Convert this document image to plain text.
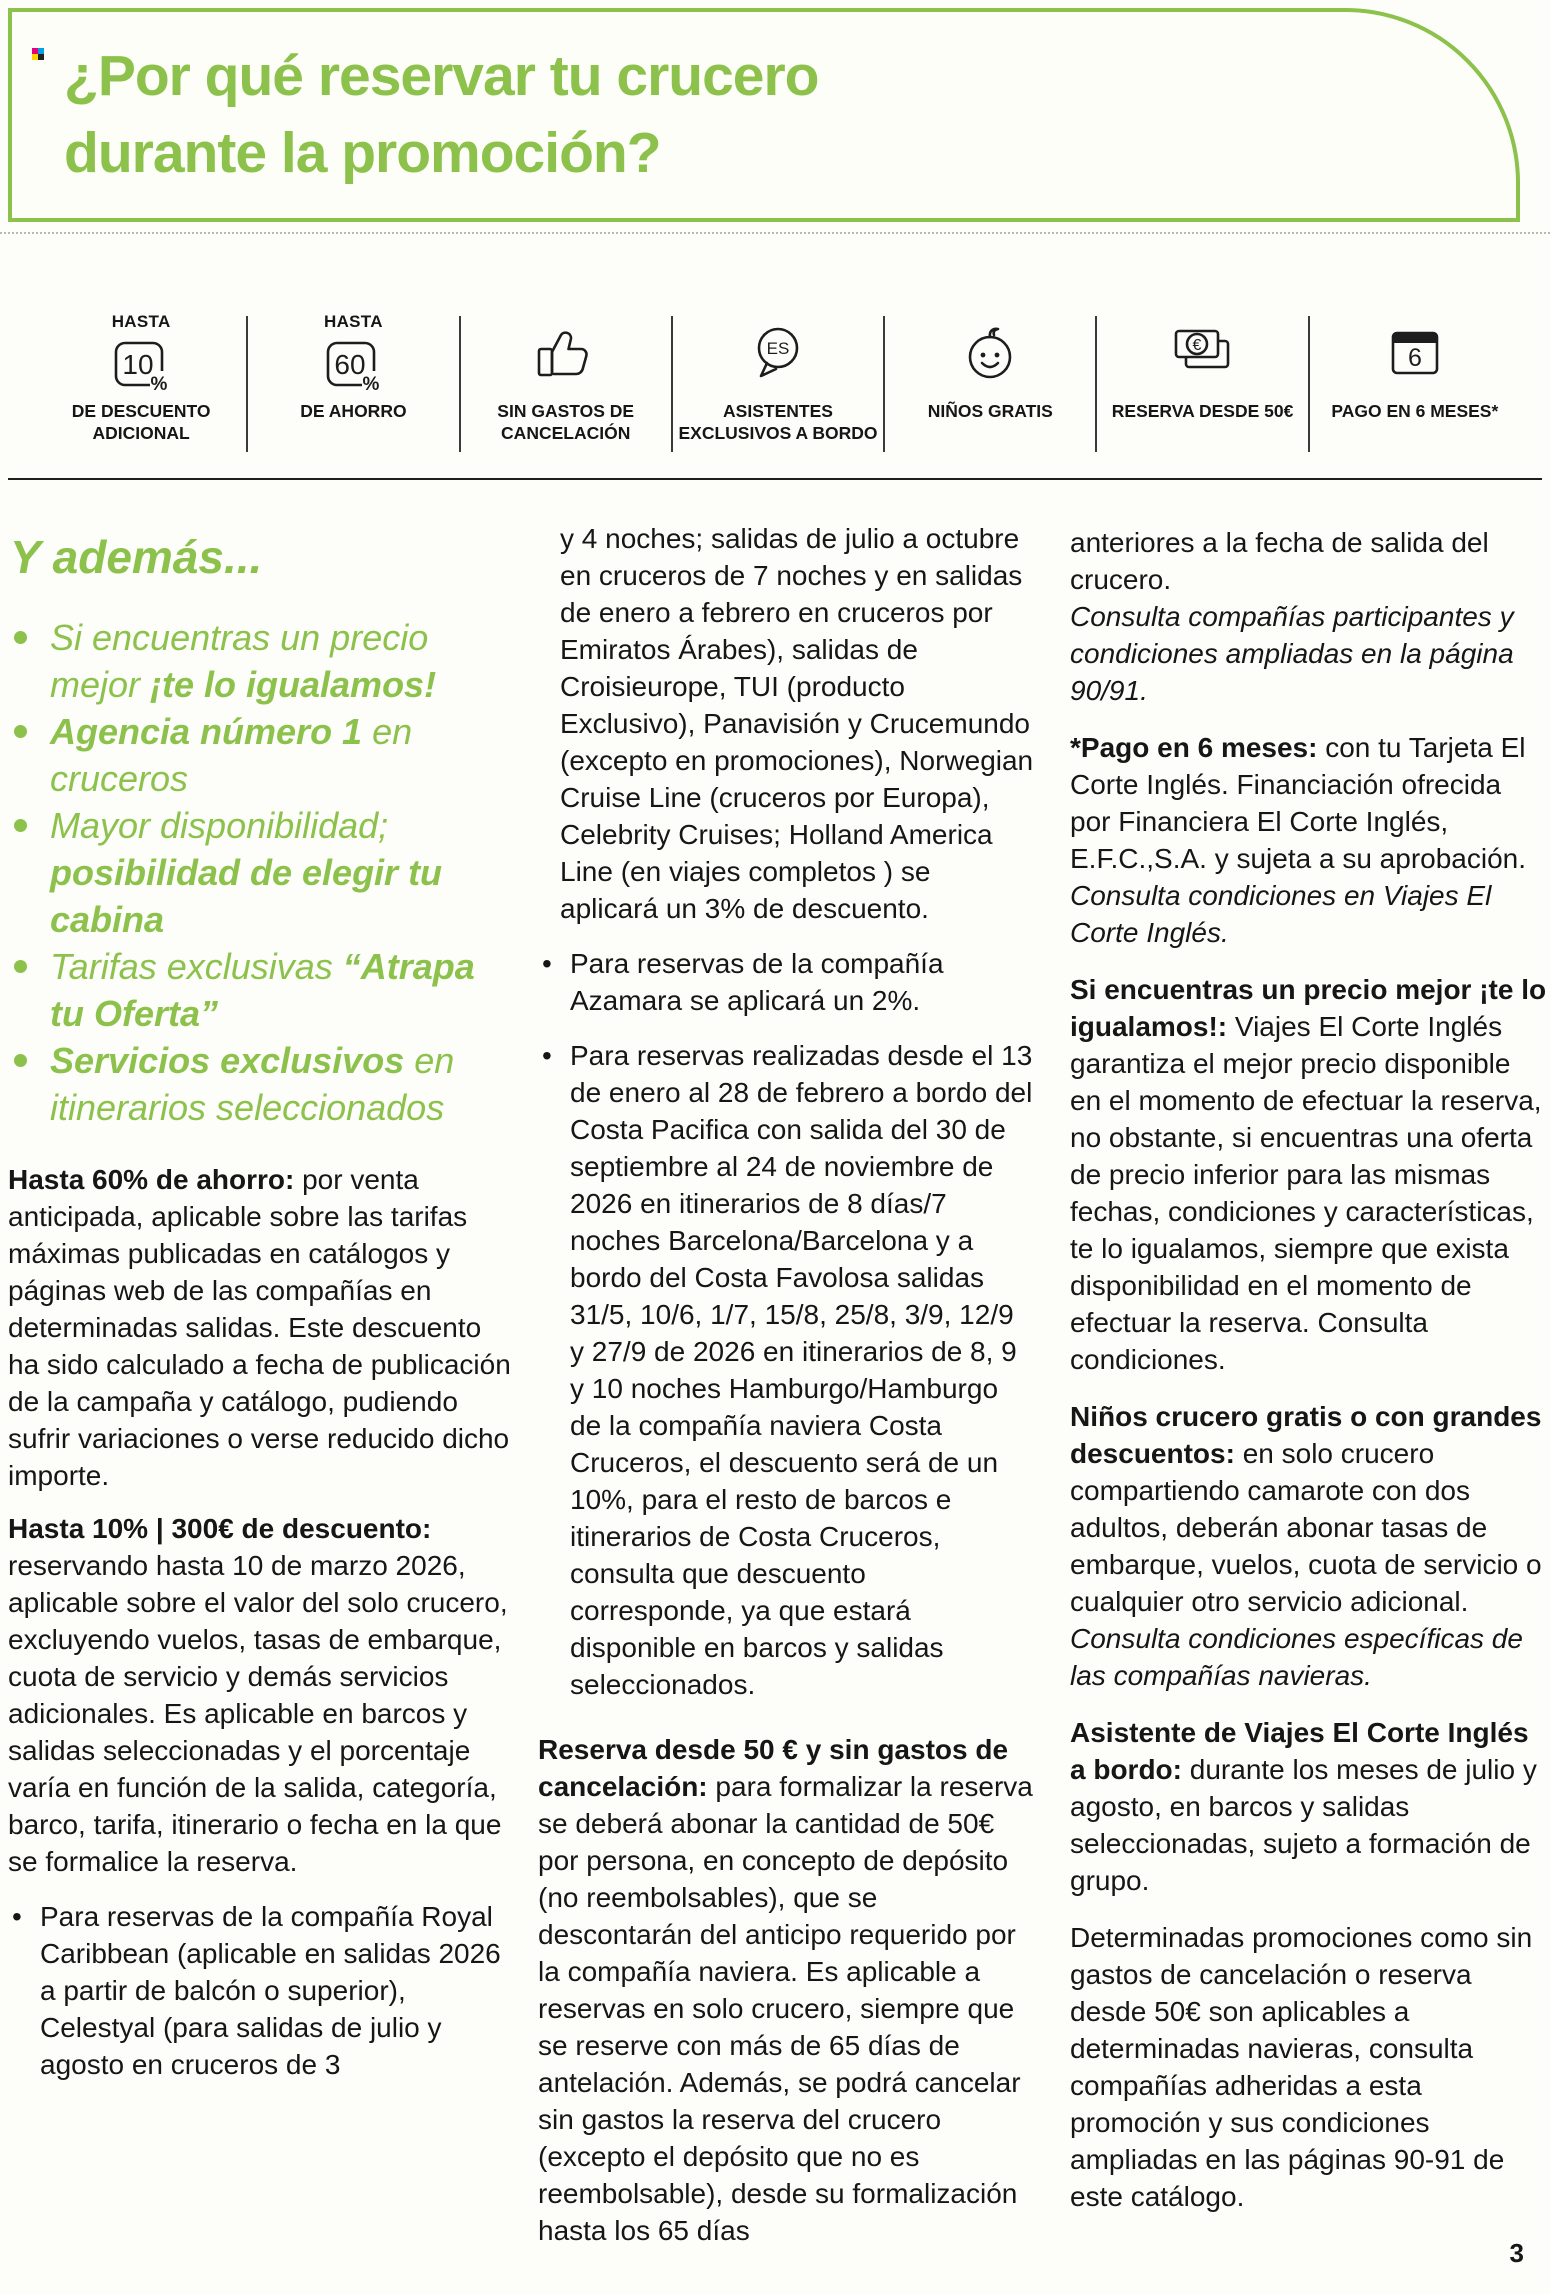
¿Por qué reservar tu crucero
durante la promoción?
HASTA
10
%
DE DESCUENTO ADICIONAL
HASTA
60
%
DE AHORRO	SIN GASTOS DE CANCELACIÓN
ES
ASISTENTES EXCLUSIVOS A BORDO
NIÑOS GRATIS
€
RESERVA DESDE 50€
6
PAGO EN 6 MESES*
Y además...
Si encuentras un precio mejor ¡te lo igualamos!
Agencia número 1 en cruceros
Mayor disponibilidad; posibilidad de elegir tu cabina
Tarifas exclusivas “Atrapa tu Oferta”
Servicios exclusivos en itinerarios seleccionados

Hasta 60% de ahorro: por venta anticipada, aplicable sobre las tarifas máximas publicadas en catálogos y páginas web de las compañías en determinadas salidas. Este descuento ha sido calculado a fecha de publicación de la campaña y catálogo, pudiendo sufrir variaciones o verse reducido dicho importe.

Hasta 10% | 300€ de descuento: reservando hasta 10 de marzo 2026, aplicable sobre el valor del solo crucero, excluyendo vuelos, tasas de embarque, cuota de servicio y demás servicios adicionales. Es aplicable en barcos y salidas seleccionadas y el porcentaje varía en función de la salida, categoría, barco, tarifa, itinerario o fecha en la que se formalice la reserva.

• Para reservas de la compañía Royal Caribbean (aplicable en salidas 2026 a partir de balcón o superior), Celestyal (para salidas de julio y agosto en cruceros de 3

y 4 noches; salidas de julio a octubre en cruceros de 7 noches y en salidas de enero a febrero en cruceros por Emiratos Árabes), salidas de Croisieurope, TUI (producto Exclusivo), Panavisión y Crucemundo (excepto en promociones), Norwegian Cruise Line (cruceros por Europa), Celebrity Cruises; Holland America Line (en viajes completos ) se aplicará un 3% de descuento.

• Para reservas de la compañía Azamara se aplicará un 2%.

• Para reservas realizadas desde el 13 de enero al 28 de febrero a bordo del Costa Pacifica con salida del 30 de septiembre al 24 de noviembre de 2026 en itinerarios de 8 días/7 noches Barcelona/Barcelona y a bordo del Costa Favolosa salidas 31/5, 10/6, 1/7, 15/8, 25/8, 3/9, 12/9 y 27/9 de 2026 en itinerarios de 8, 9 y 10 noches Hamburgo/Hamburgo de la compañía naviera Costa Cruceros, el descuento será de un 10%, para el resto de barcos e itinerarios de Costa Cruceros, consulta que descuento corresponde, ya que estará disponible en barcos y salidas seleccionados.

Reserva desde 50 € y sin gastos de cancelación: para formalizar la reserva se deberá abonar la cantidad de 50€ por persona, en concepto de depósito (no reembolsables), que se descontarán del anticipo requerido por la compañía naviera. Es aplicable a reservas en solo crucero, siempre que se reserve con más de 65 días de antelación. Además, se podrá cancelar sin gastos la reserva del crucero (excepto el depósito que no es reembolsable), desde su formalización hasta los 65 días

anteriores a la fecha de salida del crucero.
Consulta compañías participantes y condiciones ampliadas en la página 90/91.

*Pago en 6 meses: con tu Tarjeta El Corte Inglés. Financiación ofrecida por Financiera El Corte Inglés, E.F.C.,S.A. y sujeta a su aprobación.
Consulta condiciones en Viajes El Corte Inglés.

Si encuentras un precio mejor ¡te lo igualamos!: Viajes El Corte Inglés garantiza el mejor precio disponible en el momento de efectuar la reserva, no obstante, si encuentras una oferta de precio inferior para las mismas fechas, condiciones y características, te lo igualamos, siempre que exista disponibilidad en el momento de efectuar la reserva. Consulta condiciones.

Niños crucero gratis o con grandes descuentos: en solo crucero compartiendo camarote con dos adultos, deberán abonar tasas de embarque, vuelos, cuota de servicio o cualquier otro servicio adicional.
Consulta condiciones específicas de las compañías navieras.

Asistente de Viajes El Corte Inglés a bordo: durante los meses de julio y agosto, en barcos y salidas seleccionadas, sujeto a formación de grupo.

Determinadas promociones como sin gastos de cancelación o reserva desde 50€ son aplicables a determinadas navieras, consulta compañías adheridas a esta promoción y sus condiciones ampliadas en las páginas 90-91 de este catálogo.

3
